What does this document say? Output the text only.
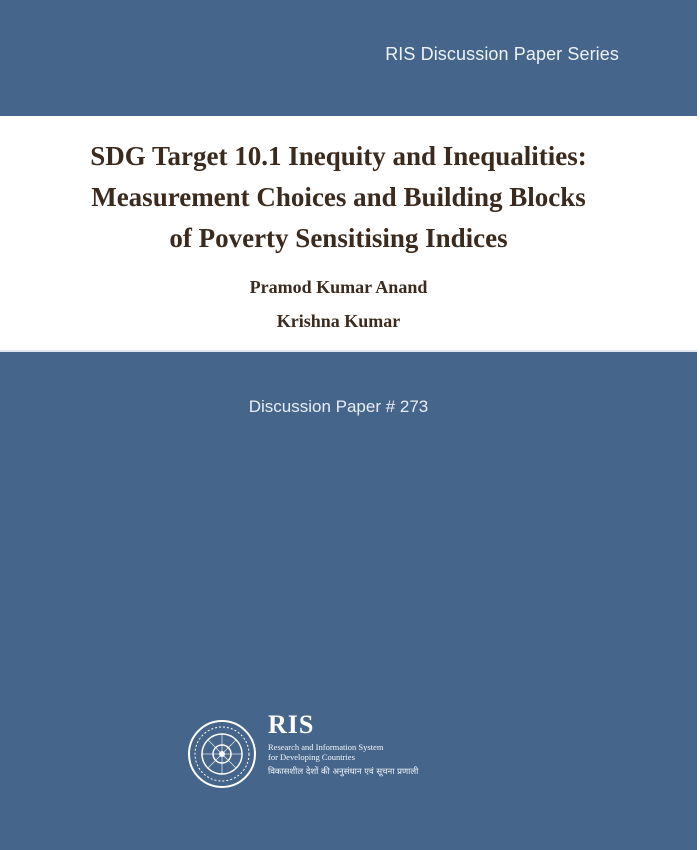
RIS Discussion Paper Series
SDG Target 10.1 Inequity and Inequalities:
Measurement Choices and Building Blocks
of Poverty Sensitising Indices
Pramod Kumar Anand
Krishna Kumar
Discussion Paper # 273
RIS
Research and Information System
for Developing Countries
विकासशील देशों की अनुसंधान एवं सूचना प्रणाली
